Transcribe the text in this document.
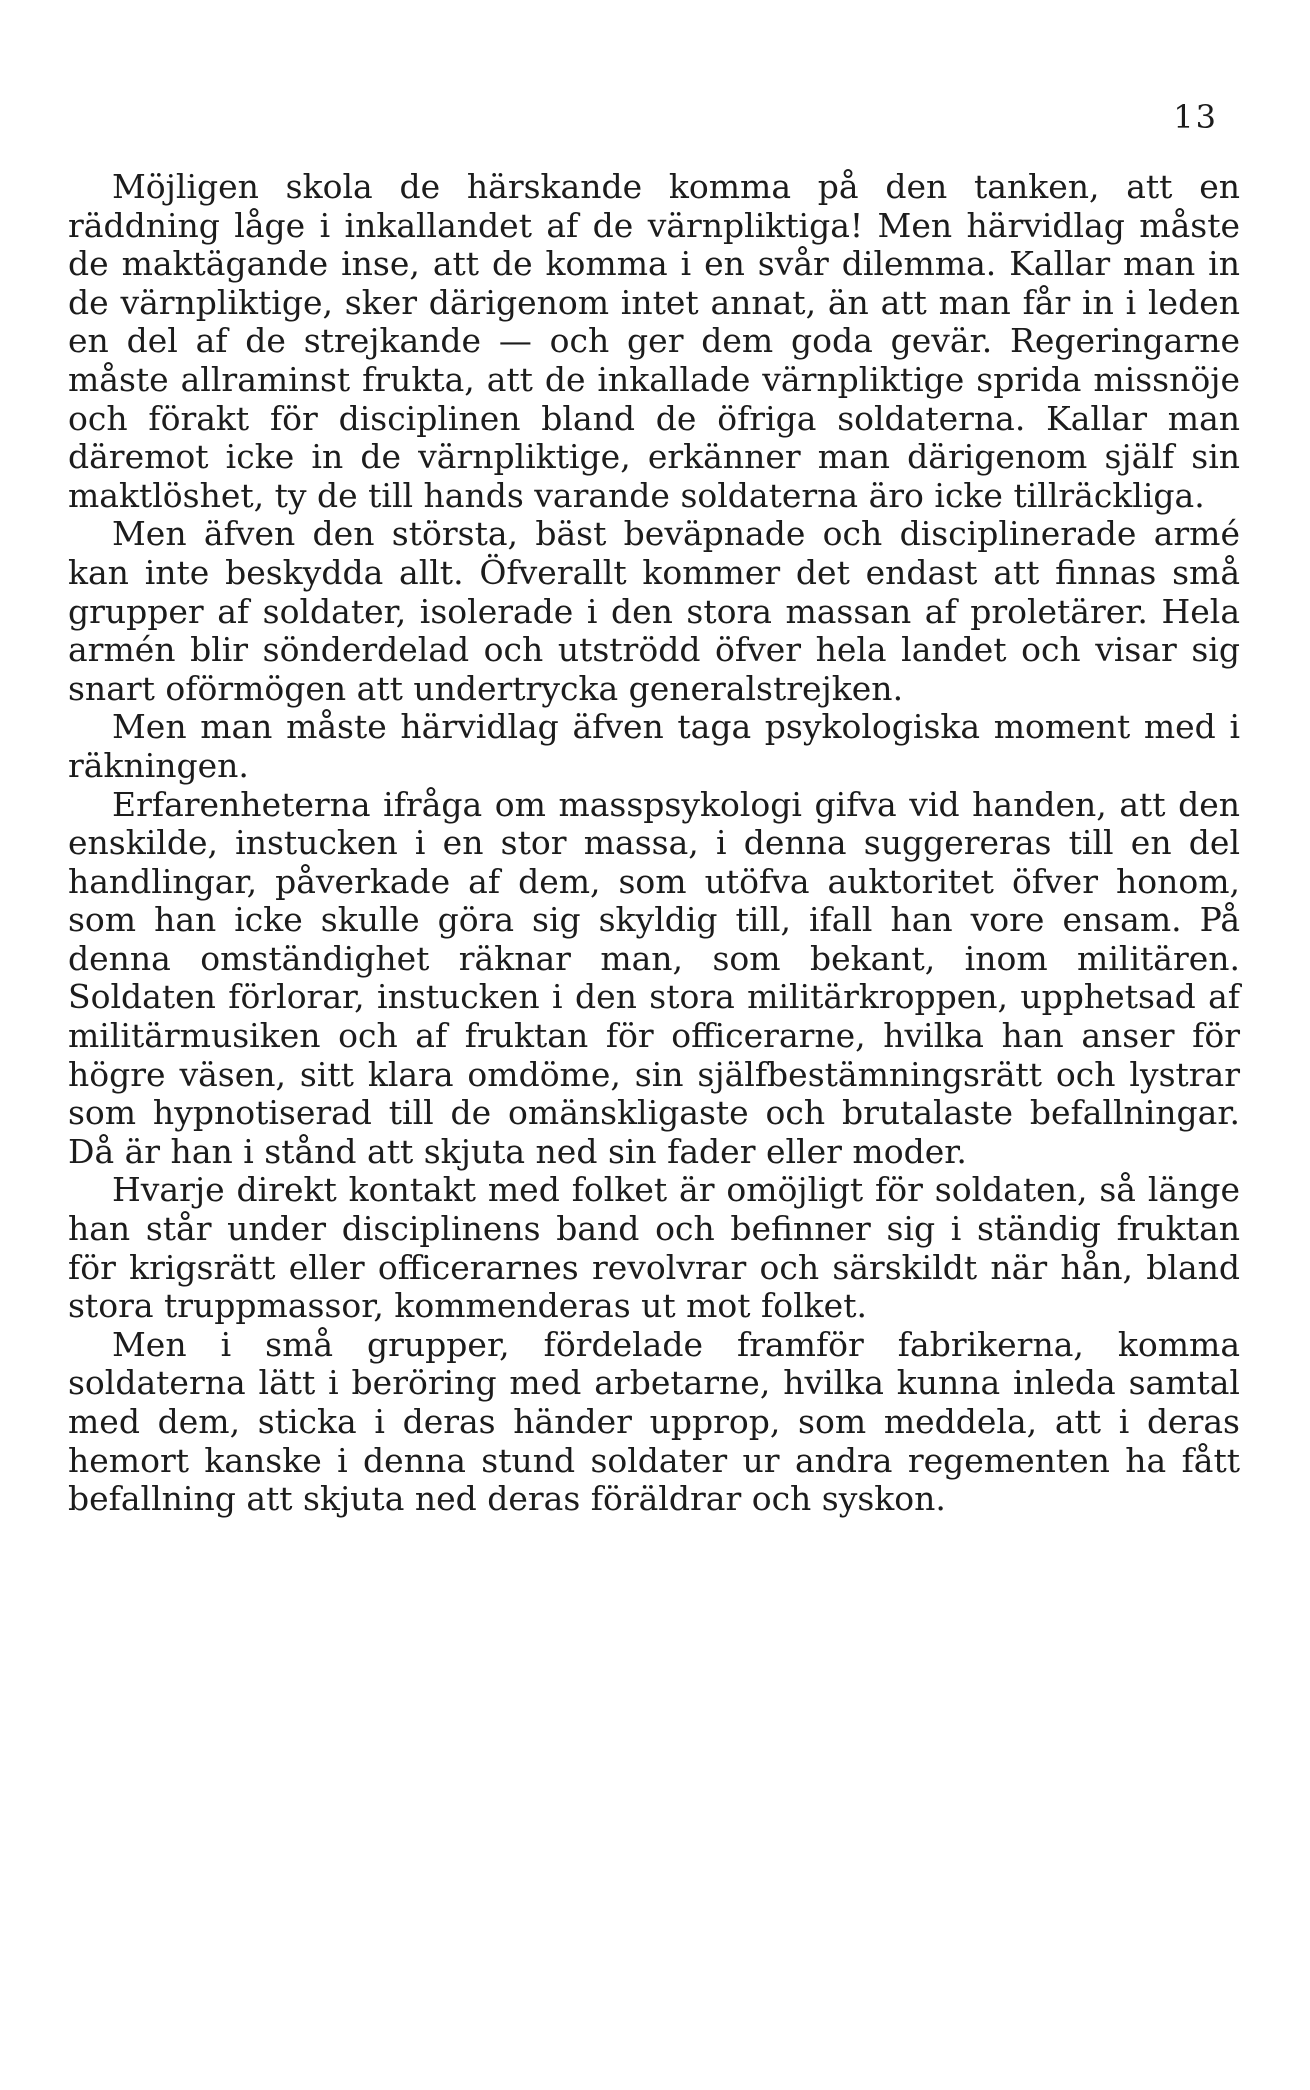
13

Möjligen skola de härskande komma på den tanken, att en räddning låge i inkallandet af de värnpliktiga! Men härvidlag måste de maktägande inse, att de komma i en svår dilemma. Kallar man in de värnpliktige, sker därigenom intet annat, än att man får in i leden en del af de strejkande — och ger dem goda gevär. Regeringarne måste allraminst frukta, att de inkallade värnpliktige sprida missnöje och förakt för disciplinen bland de öfriga soldaterna. Kallar man däremot icke in de värnpliktige, erkänner man därigenom själf sin maktlöshet, ty de till hands varande soldaterna äro icke tillräckliga.

Men äfven den största, bäst beväpnade och disciplinerade armé kan inte beskydda allt. Öfverallt kommer det endast att finnas små grupper af soldater, isolerade i den stora massan af proletärer. Hela armén blir sönderdelad och utströdd öfver hela landet och visar sig snart oförmögen att undertrycka generalstrejken.

Men man måste härvidlag äfven taga psykologiska moment med i räkningen.

Erfarenheterna ifråga om masspsykologi gifva vid handen, att den enskilde, instucken i en stor massa, i denna suggereras till en del handlingar, påverkade af dem, som utöfva auktoritet öfver honom, som han icke skulle göra sig skyldig till, ifall han vore ensam. På denna omständighet räknar man, som bekant, inom militären. Soldaten förlorar, instucken i den stora militärkroppen, upphetsad af militärmusiken och af fruktan för officerarne, hvilka han anser för högre väsen, sitt klara omdöme, sin själfbestämningsrätt och lystrar som hypnotiserad till de omänskligaste och brutalaste befallningar. Då är han i stånd att skjuta ned sin fader eller moder.

Hvarje direkt kontakt med folket är omöjligt för soldaten, så länge han står under disciplinens band och befinner sig i ständig fruktan för krigsrätt eller officerarnes revolvrar och särskildt när hån, bland stora truppmassor, kommenderas ut mot folket.

Men i små grupper, fördelade framför fabrikerna, komma soldaterna lätt i beröring med arbetarne, hvilka kunna inleda samtal med dem, sticka i deras händer upprop, som meddela, att i deras hemort kanske i denna stund soldater ur andra regementen ha fått befallning att skjuta ned deras föräldrar och syskon.
